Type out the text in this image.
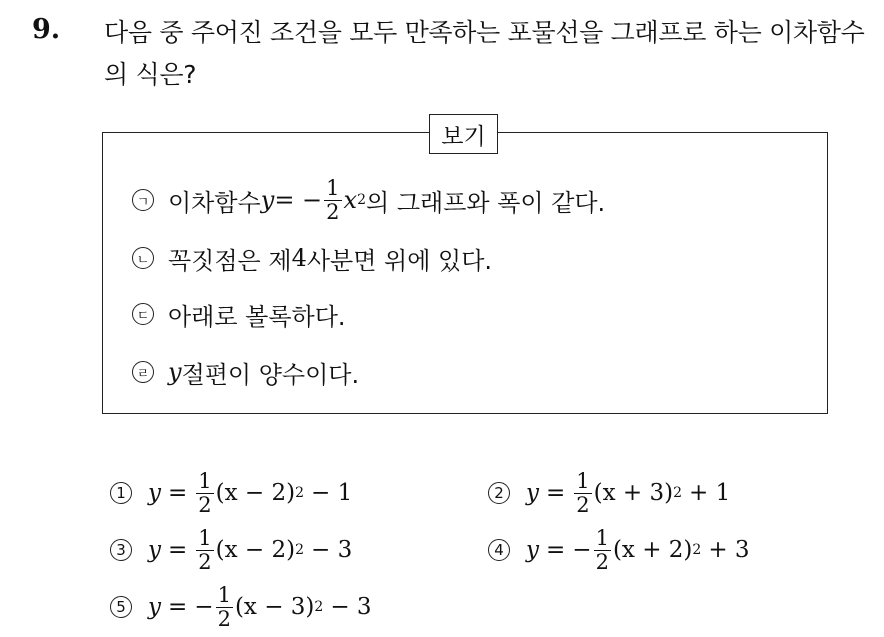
9. 다음 중 주어진 조건을 모두 만족하는 포물선을 그래프로 하는 이차함수의 식은?
보기
ㄱ 이차함수 y = − $\frac{1}{2}$ x 2 의 그래프와 폭이 같다.
ㄴ 꼭짓점은 제 4 사분면 위에 있다.
ㄷ 아래로 볼록하다.
ㄹ y 절편이 양수이다.
1 $y = \frac{1}{2} (x - 2) 2 - 1$	2 $y = \frac{1}{2} (x + 3) 2 + 1$
3 $y = \frac{1}{2} (x - 2) 2 - 3$	4 y = − $\frac{1}{2} (x + 2) 2 + 3$
5 y = − $\frac{1}{2} (x - 3) 2 - 3$
